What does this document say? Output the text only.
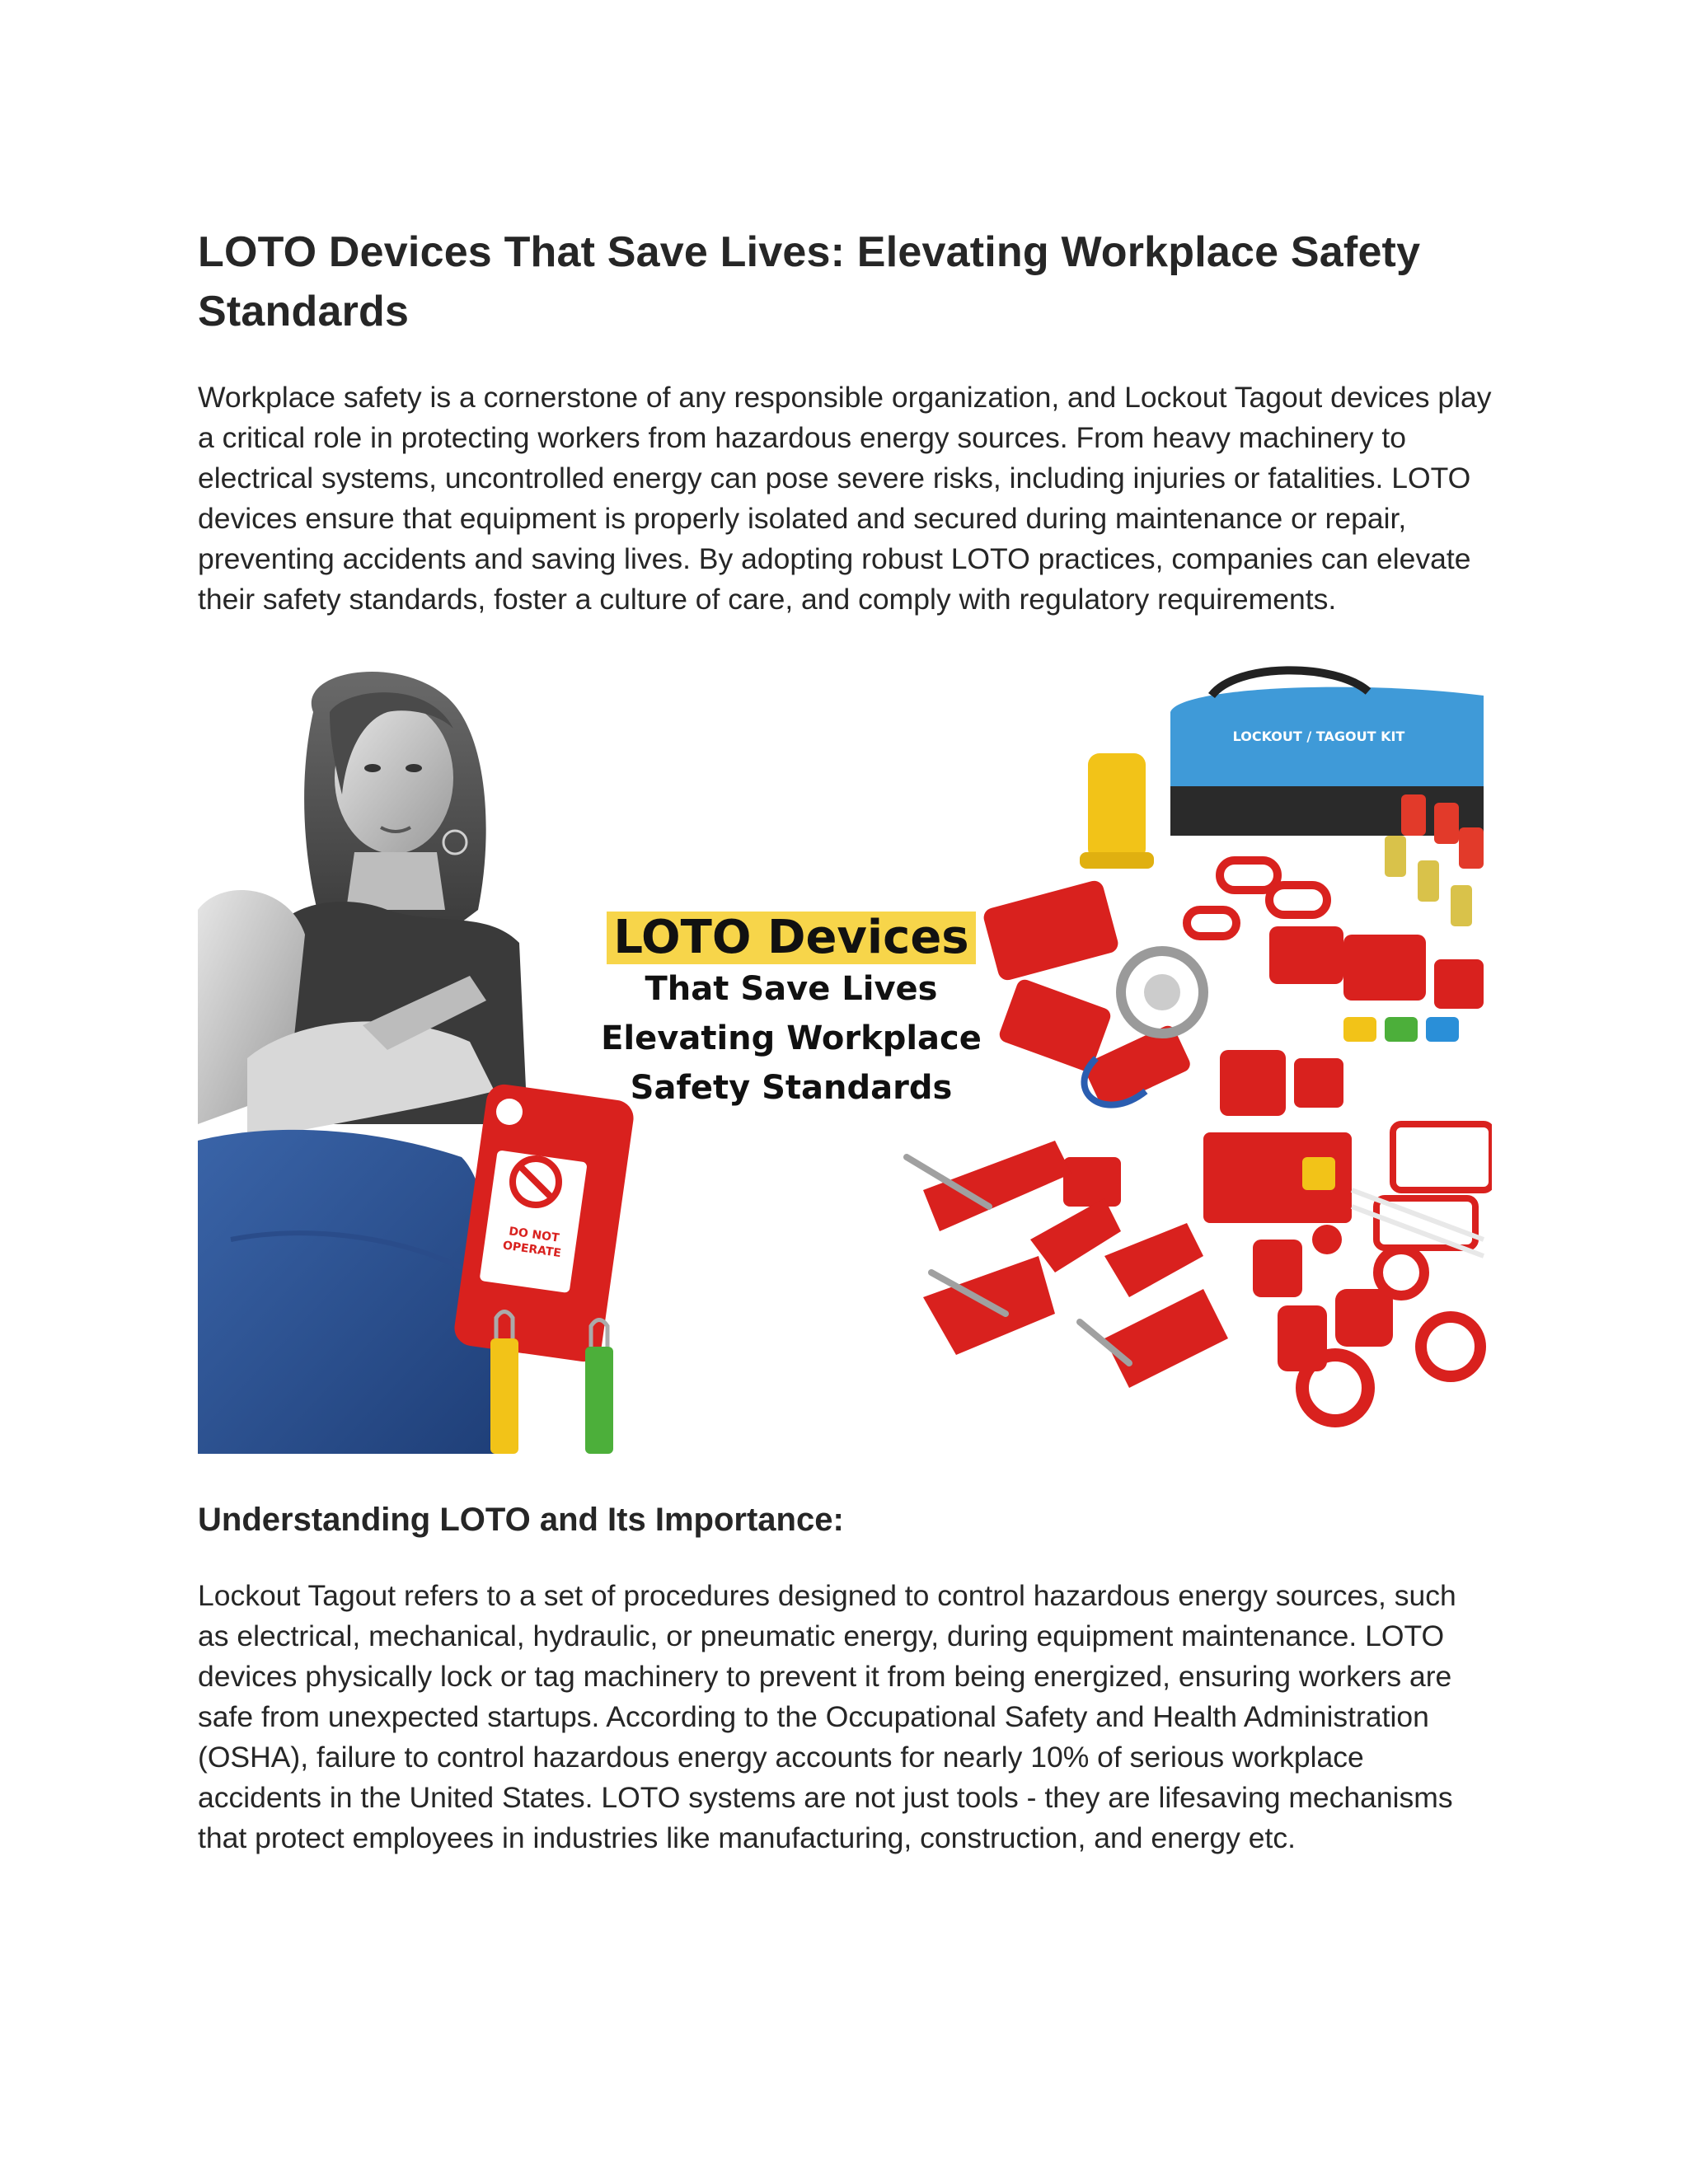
LOTO Devices That Save Lives: Elevating Workplace Safety Standards

Workplace safety is a cornerstone of any responsible organization, and Lockout Tagout devices play a critical role in protecting workers from hazardous energy sources. From heavy machinery to electrical systems, uncontrolled energy can pose severe risks, including injuries or fatalities. LOTO devices ensure that equipment is properly isolated and secured during maintenance or repair, preventing accidents and saving lives. By adopting robust LOTO practices, companies can elevate their safety standards, foster a culture of care, and comply with regulatory requirements.

DO NOT
OPERATE
LOCKOUT / TAGOUT KIT
LOTO Devices
That Save Lives
Elevating Workplace
Safety Standards
Understanding LOTO and Its Importance:

Lockout Tagout refers to a set of procedures designed to control hazardous energy sources, such as electrical, mechanical, hydraulic, or pneumatic energy, during equipment maintenance. LOTO devices physically lock or tag machinery to prevent it from being energized, ensuring workers are safe from unexpected startups. According to the Occupational Safety and Health Administration (OSHA), failure to control hazardous energy accounts for nearly 10% of serious workplace accidents in the United States. LOTO systems are not just tools - they are lifesaving mechanisms that protect employees in industries like manufacturing, construction, and energy etc.
